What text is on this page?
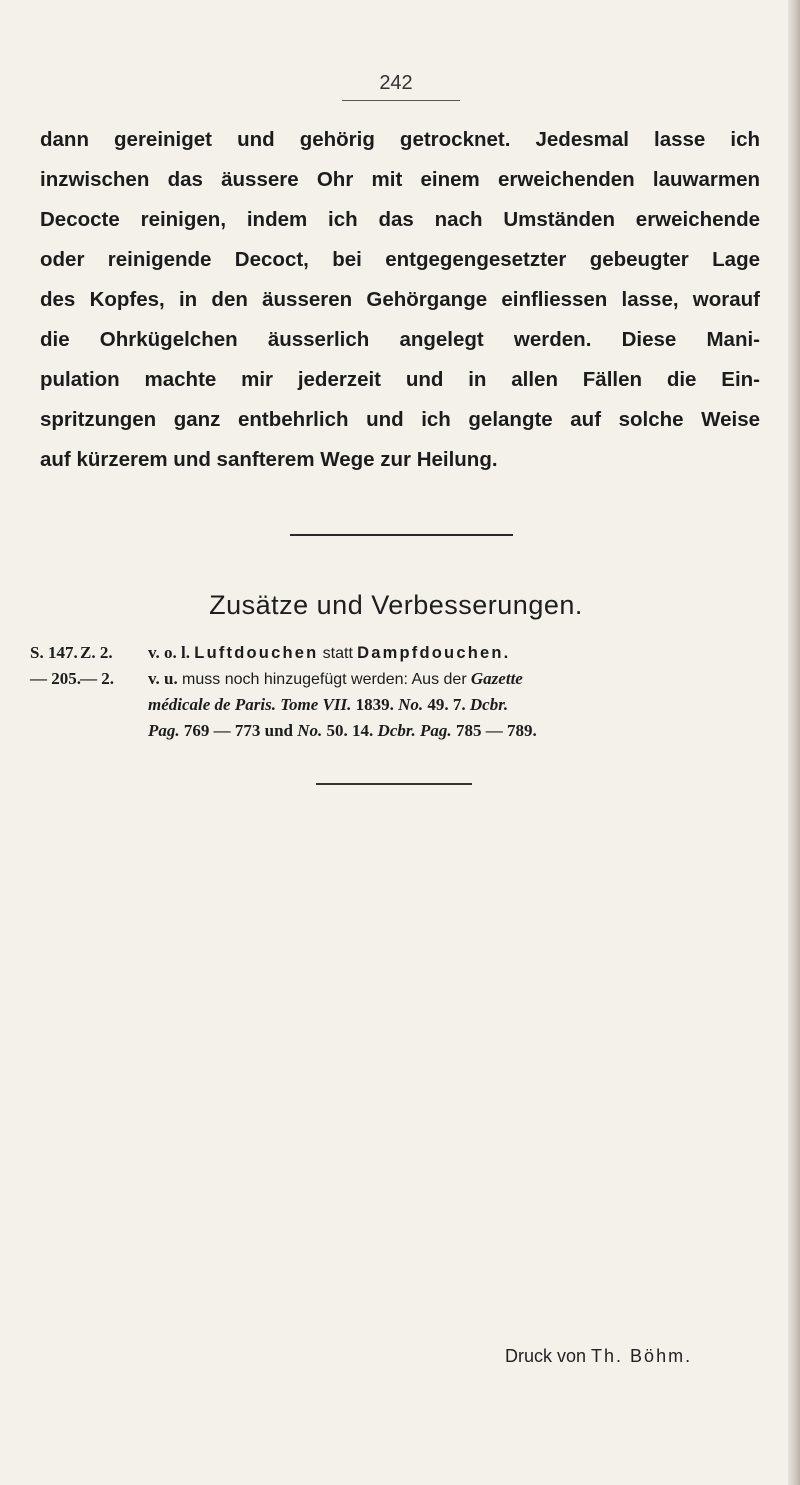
242
dann gereiniget und gehörig getrocknet. Jedesmal lasse ich
inzwischen das äussere Ohr mit einem erweichenden lauwarmen
Decocte reinigen, indem ich das nach Umständen erweichende
oder reinigende Decoct, bei entgegengesetzter gebeugter Lage
des Kopfes, in den äusseren Gehörgange einfliessen lasse, worauf
die Ohrkügelchen äusserlich angelegt werden. Diese Mani-
pulation machte mir jederzeit und in allen Fällen die Ein-
spritzungen ganz entbehrlich und ich gelangte auf solche Weise
auf kürzerem und sanfterem Wege zur Heilung.
Zusätze und Verbesserungen.
S. 147. Z. 2.	v. o. l. Luftdouchen statt Dampfdouchen.
— 205. — 2.	v. u. muss noch hinzugefügt werden: Aus der Gazette
médicale de Paris. Tome VII. 1839. No. 49. 7. Dcbr.
Pag. 769 — 773 und No. 50. 14. Dcbr. Pag. 785 — 789.
Druck von Th. Böhm.
